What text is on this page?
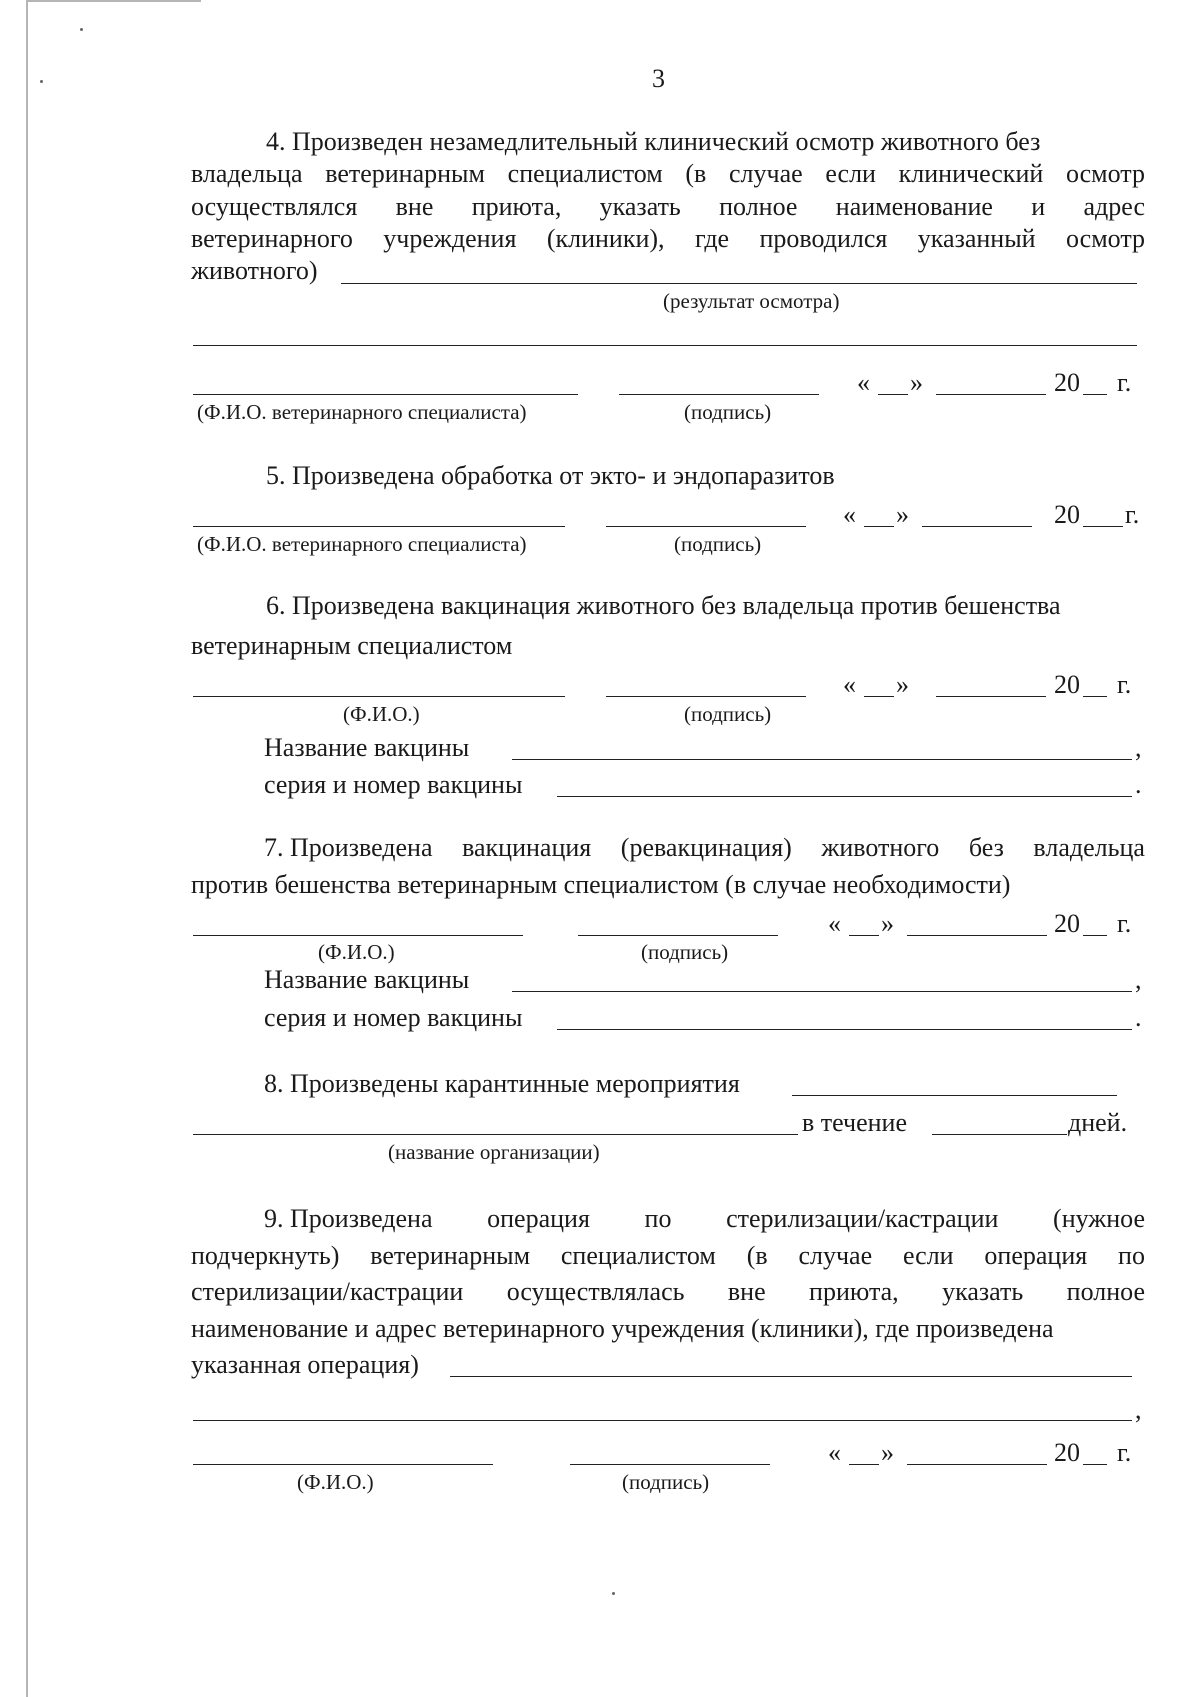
3
4. Произведен незамедлительный клинический осмотр животного без
владельца ветеринарным специалистом (в случае если клинический осмотр
осуществлялся вне приюта, указать полное наименование и адрес
ветеринарного учреждения (клиники), где проводился указанный осмотр
животного)
(результат осмотра)
« »	20 г.
(Ф.И.О. ветеринарного специалиста)	(подпись)
5. Произведена обработка от экто- и эндопаразитов
« »	20 г.
(Ф.И.О. ветеринарного специалиста)	(подпись)
6. Произведена вакцинация животного без владельца против бешенства
ветеринарным специалистом
« »	20 г.
(Ф.И.О.)	(подпись)
Название вакцины	,
серия и номер вакцины	.
7. Произведена вакцинация (ревакцинация) животного без владельца
против бешенства ветеринарным специалистом (в случае необходимости)
« »	20 г.
(Ф.И.О.)	(подпись)
Название вакцины	,
серия и номер вакцины	.
8. Произведены карантинные мероприятия
в течение	дней.
(название организации)
9. Произведена операция по стерилизации/кастрации (нужное
подчеркнуть) ветеринарным специалистом (в случае если операция по
стерилизации/кастрации осуществлялась вне приюта, указать полное
наименование и адрес ветеринарного учреждения (клиники), где произведена
указанная операция)
,
« »	20 г.
(Ф.И.О.)	(подпись)
